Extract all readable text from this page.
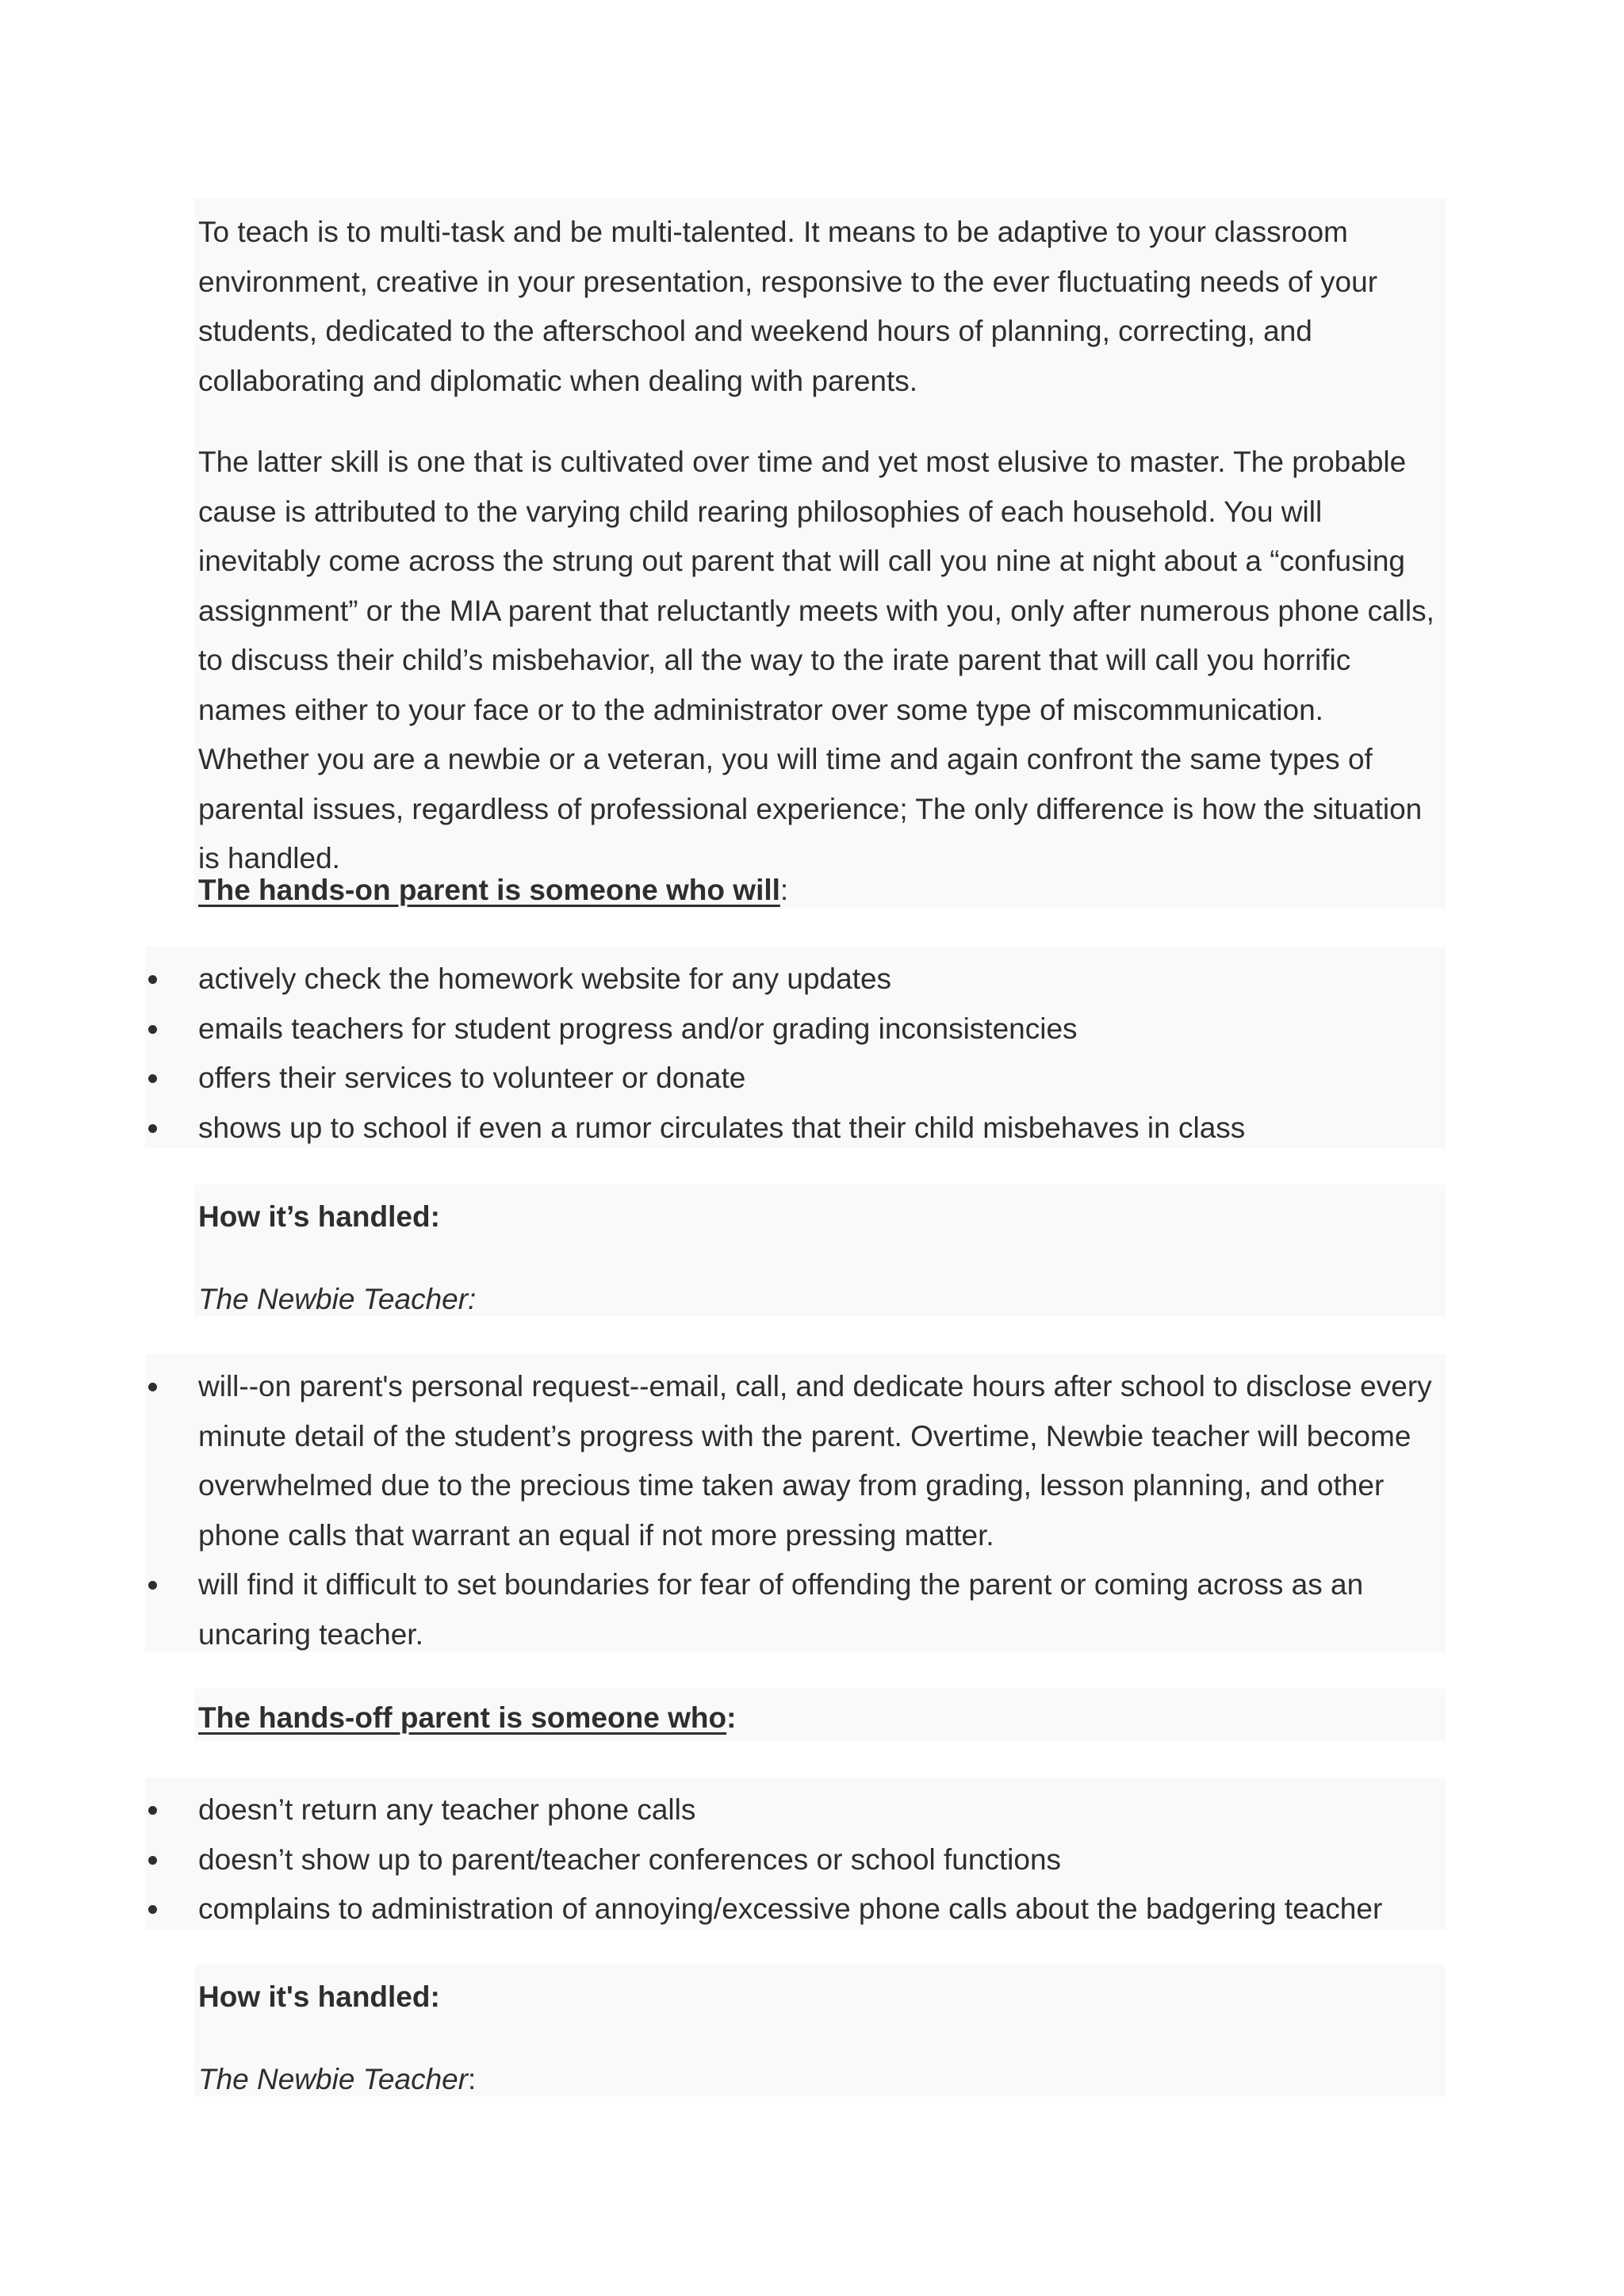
To teach is to multi-task and be multi-talented. It means to be adaptive to your classroom environment, creative in your presentation, responsive to the ever fluctuating needs of your students, dedicated to the afterschool and weekend hours of planning, correcting, and collaborating and diplomatic when dealing with parents.

The latter skill is one that is cultivated over time and yet most elusive to master. The probable cause is attributed to the varying child rearing philosophies of each household. You will inevitably come across the strung out parent that will call you nine at night about a “confusing assignment” or the MIA parent that reluctantly meets with you, only after numerous phone calls, to discuss their child’s misbehavior, all the way to the irate parent that will call you horrific names either to your face or to the administrator over some type of miscommunication. Whether you are a newbie or a veteran, you will time and again confront the same types of parental issues, regardless of professional experience; The only difference is how the situation is handled.

The hands-on parent is someone who will:

actively check the homework website for any updates
emails teachers for student progress and/or grading inconsistencies
offers their services to volunteer or donate
shows up to school if even a rumor circulates that their child misbehaves in class

How it’s handled:

The Newbie Teacher:

will--on parent's personal request--email, call, and dedicate hours after school to disclose every minute detail of the student’s progress with the parent. Overtime, Newbie teacher will become overwhelmed due to the precious time taken away from grading, lesson planning, and other phone calls that warrant an equal if not more pressing matter.
will find it difficult to set boundaries for fear of offending the parent or coming across as an uncaring teacher.

The hands-off parent is someone who:

doesn’t return any teacher phone calls
doesn’t show up to parent/teacher conferences or school functions
complains to administration of annoying/excessive phone calls about the badgering teacher

How it's handled:

The Newbie Teacher:
